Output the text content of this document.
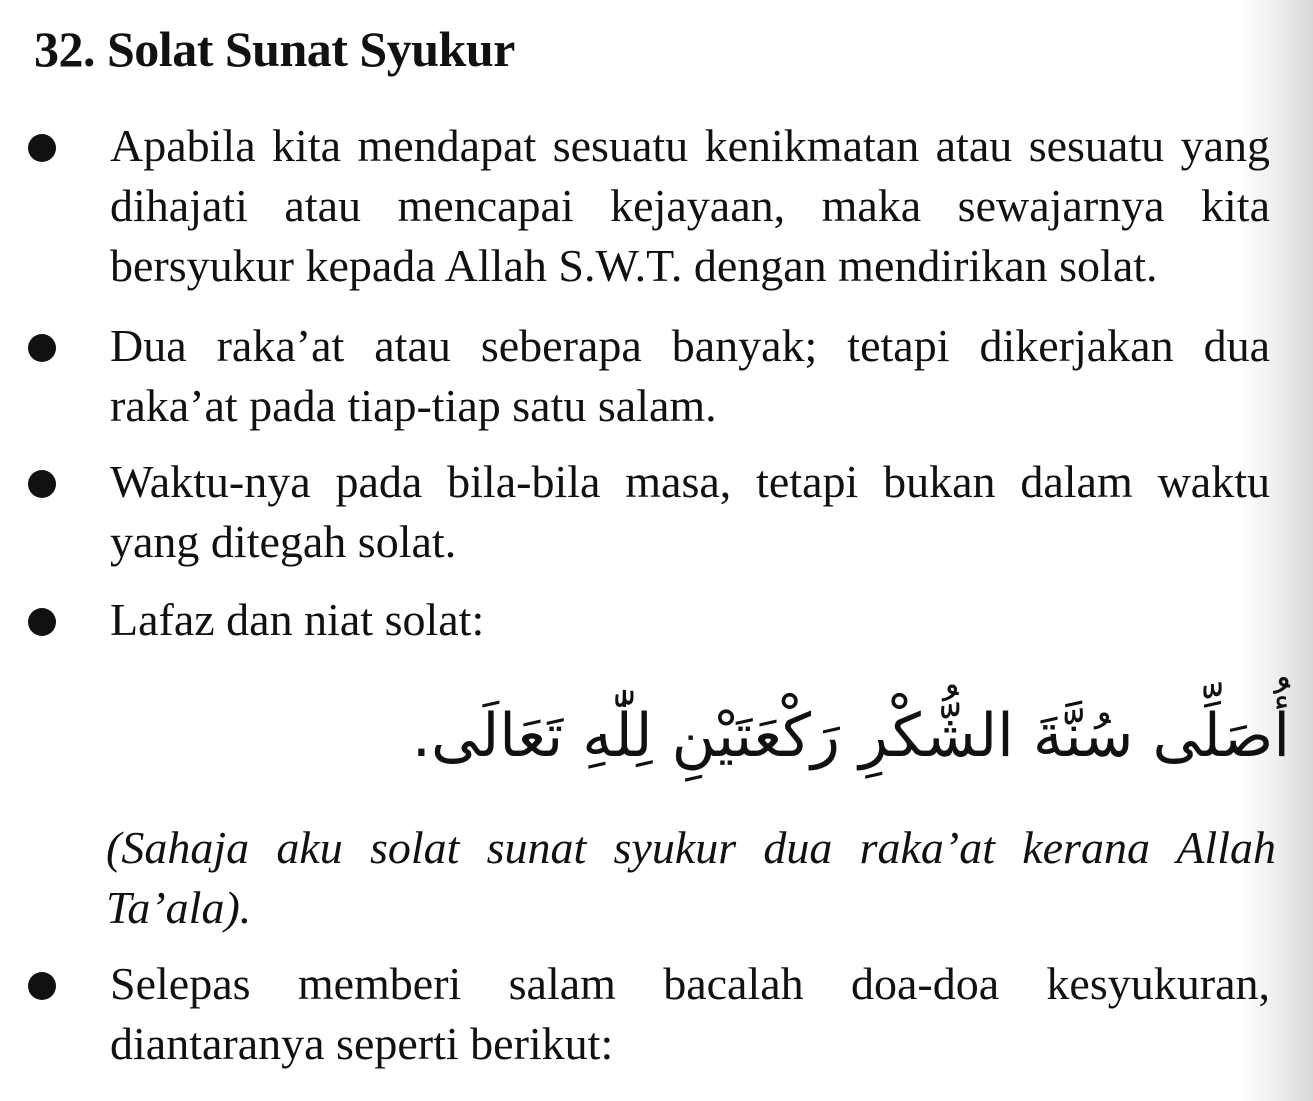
32. Solat Sunat Syukur
Apabila kita mendapat sesuatu kenikmatan atau sesuatu yang
dihajati atau mencapai kejayaan, maka sewajarnya kita
bersyukur kepada Allah S.W.T. dengan mendirikan solat.
Dua raka’at atau seberapa banyak; tetapi dikerjakan dua
raka’at pada tiap-tiap satu salam.
Waktu-nya pada bila-bila masa, tetapi bukan dalam waktu
yang ditegah solat.
Lafaz dan niat solat:
أُصَلِّى سُنَّةَ الشُّكْرِ رَكْعَتَيْنِ لِلّٰهِ تَعَالَى.
(Sahaja aku solat sunat syukur dua raka’at kerana Allah
Ta’ala).
Selepas memberi salam bacalah doa-doa kesyukuran,
diantaranya seperti berikut:
